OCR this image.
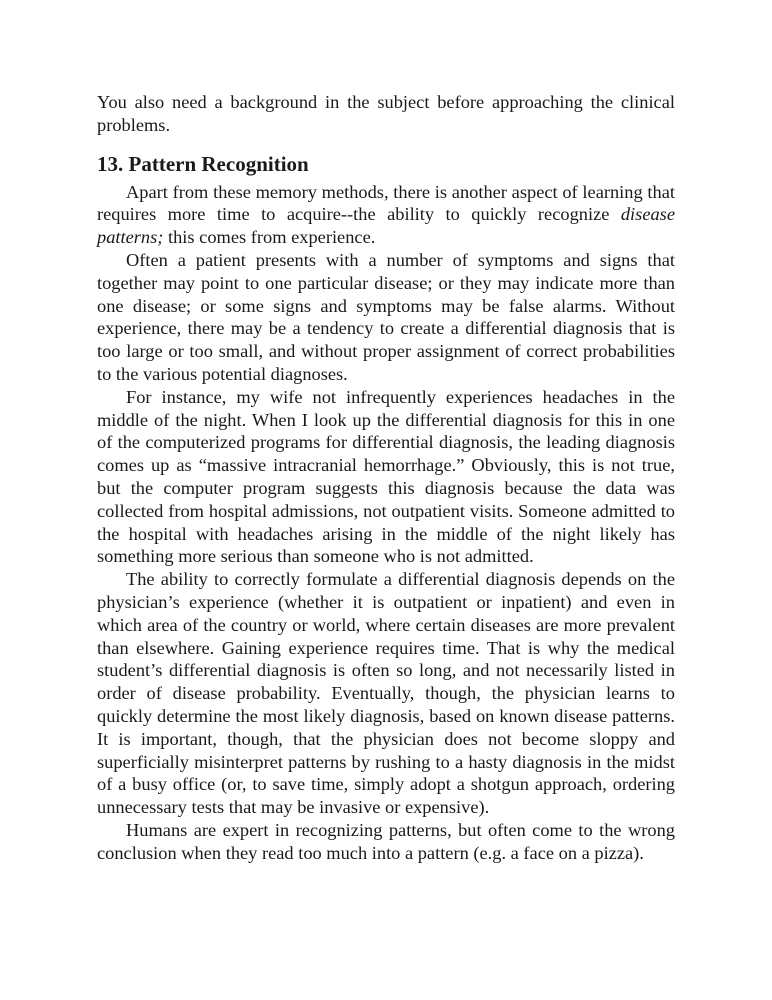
You also need a background in the subject before approaching the clinical problems.

13. Pattern Recognition

Apart from these memory methods, there is another aspect of learning that requires more time to acquire--the ability to quickly recognize disease patterns; this comes from experience.

Often a patient presents with a number of symptoms and signs that together may point to one particular disease; or they may indicate more than one disease; or some signs and symptoms may be false alarms. Without experience, there may be a tendency to create a differential diagnosis that is too large or too small, and without proper assignment of correct probabilities to the various potential diagnoses.

For instance, my wife not infrequently experiences headaches in the middle of the night. When I look up the differential diagnosis for this in one of the computerized programs for differential diagnosis, the leading diagnosis comes up as “massive intracranial hemorrhage.” Obviously, this is not true, but the computer program suggests this diagnosis because the data was collected from hospital admissions, not outpatient visits. Someone admitted to the hospital with headaches arising in the middle of the night likely has something more serious than someone who is not admitted.

The ability to correctly formulate a differential diagnosis depends on the physician’s experience (whether it is outpatient or inpatient) and even in which area of the country or world, where certain diseases are more prevalent than elsewhere. Gaining experience requires time. That is why the medical student’s differential diagnosis is often so long, and not necessarily listed in order of disease probability. Eventually, though, the physician learns to quickly determine the most likely diagnosis, based on known disease patterns. It is important, though, that the physician does not become sloppy and superficially misinterpret patterns by rushing to a hasty diagnosis in the midst of a busy office (or, to save time, simply adopt a shotgun approach, ordering unnecessary tests that may be invasive or expensive).

Humans are expert in recognizing patterns, but often come to the wrong conclusion when they read too much into a pattern (e.g. a face on a pizza).
